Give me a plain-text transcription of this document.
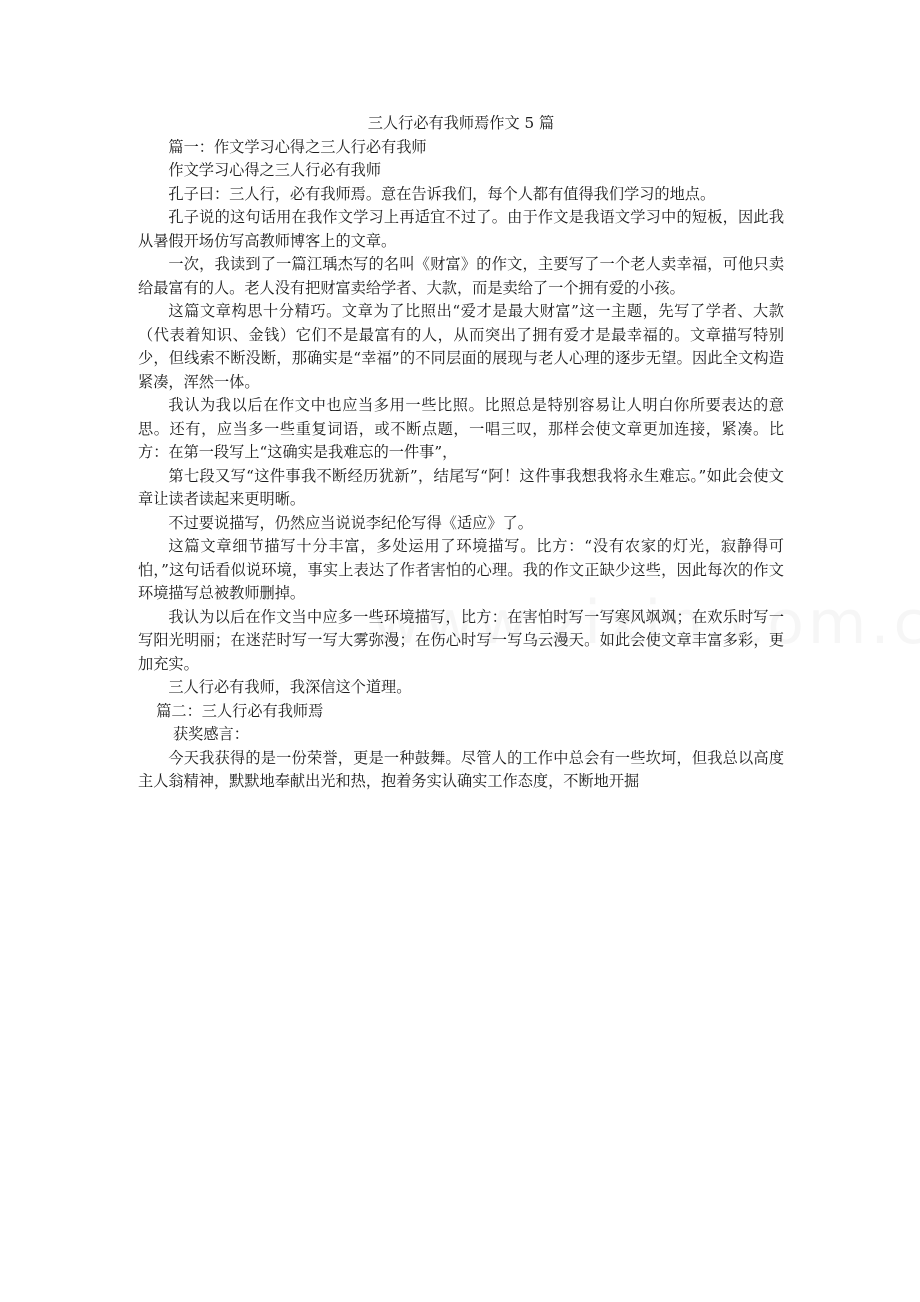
三人行必有我师焉作文 5 篇

篇一：作文学习心得之三人行必有我师

作文学习心得之三人行必有我师

孔子曰：三人行，必有我师焉。意在告诉我们，每个人都有值得我们学习的地点。

孔子说的这句话用在我作文学习上再适宜不过了。由于作文是我语文学习中的短板，因此我从暑假开场仿写高教师博客上的文章。

一次，我读到了一篇江瑀杰写的名叫《财富》的作文，主要写了一个老人卖幸福，可他只卖给最富有的人。老人没有把财富卖给学者、大款，而是卖给了一个拥有爱的小孩。

这篇文章构思十分精巧。文章为了比照出“爱才是最大财富”这一主题，先写了学者、大款（代表着知识、金钱）它们不是最富有的人，从而突出了拥有爱才是最幸福的。文章描写特别少，但线索不断没断，那确实是“幸福”的不同层面的展现与老人心理的逐步无望。因此全文构造紧凑，浑然一体。

我认为我以后在作文中也应当多用一些比照。比照总是特别容易让人明白你所要表达的意思。还有，应当多一些重复词语，或不断点题，一唱三叹，那样会使文章更加连接，紧凑。比方：在第一段写上“这确实是我难忘的一件事”，

第七段又写“这件事我不断经历犹新”，结尾写“阿！这件事我想我将永生难忘。”如此会使文章让读者读起来更明晰。

不过要说描写，仍然应当说说李纪伦写得《适应》了。

这篇文章细节描写十分丰富，多处运用了环境描写。比方：“没有农家的灯光，寂静得可怕，”这句话看似说环境，事实上表达了作者害怕的心理。我的作文正缺少这些，因此每次的作文环境描写总被教师删掉。

我认为以后在作文当中应多一些环境描写，比方：在害怕时写一写寒风飒飒；在欢乐时写一写阳光明丽；在迷茫时写一写大雾弥漫；在伤心时写一写乌云漫天。如此会使文章丰富多彩，更加充实。

三人行必有我师，我深信这个道理。

篇二：三人行必有我师焉

获奖感言：

今天我获得的是一份荣誉，更是一种鼓舞。尽管人的工作中总会有一些坎坷，但我总以高度主人翁精神，默默地奉献出光和热，抱着务实认确实工作态度，不断地开掘
